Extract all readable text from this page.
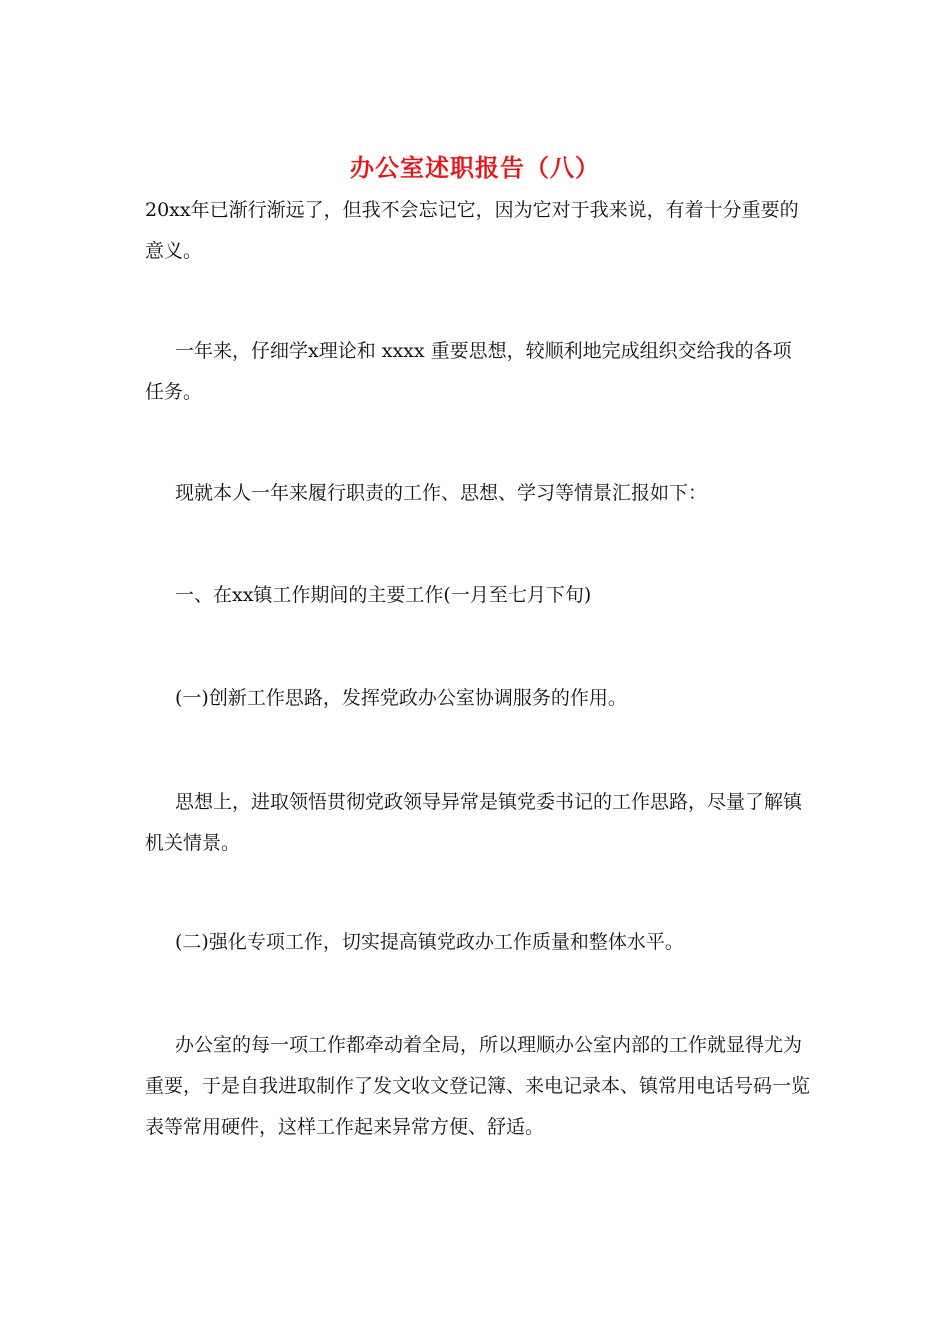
办公室述职报告（八）

20xx年已渐行渐远了，但我不会忘记它，因为它对于我来说，有着十分重要的意义。

一年来，仔细学x理论和 xxxx 重要思想，较顺利地完成组织交给我的各项任务。

现就本人一年来履行职责的工作、思想、学习等情景汇报如下：

一、在xx镇工作期间的主要工作(一月至七月下旬)

(一)创新工作思路，发挥党政办公室协调服务的作用。

思想上，进取领悟贯彻党政领导异常是镇党委书记的工作思路，尽量了解镇机关情景。

(二)强化专项工作，切实提高镇党政办工作质量和整体水平。

办公室的每一项工作都牵动着全局，所以理顺办公室内部的工作就显得尤为重要，于是自我进取制作了发文收文登记簿、来电记录本、镇常用电话号码一览表等常用硬件，这样工作起来异常方便、舒适。
